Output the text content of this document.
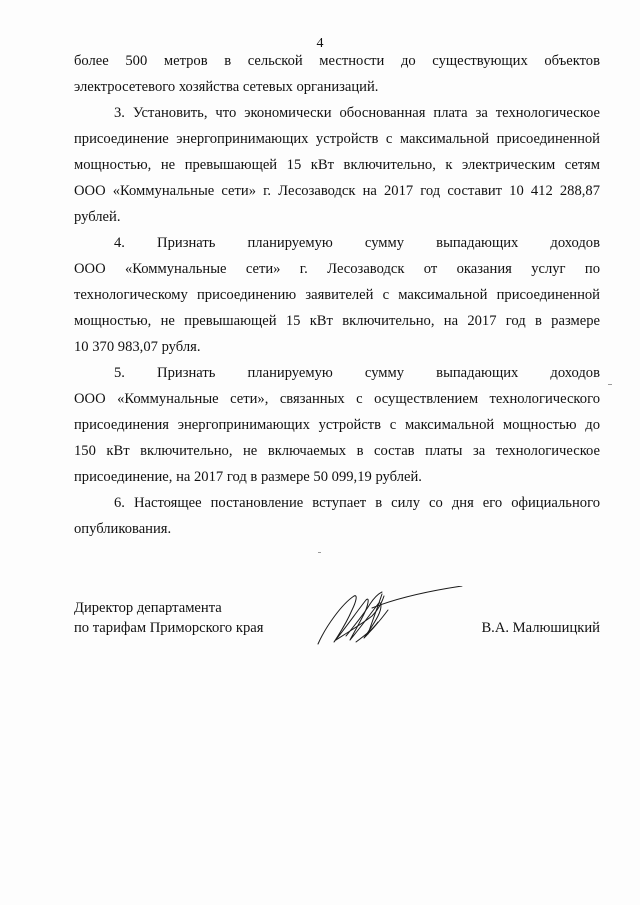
4

более 500 метров в сельской местности до существующих объектов

электросетевого хозяйства сетевых организаций.

3. Установить, что экономически обоснованная плата за технологическое

присоединение энергопринимающих устройств с максимальной присоединенной

мощностью, не превышающей 15 кВт включительно, к электрическим сетям

ООО «Коммунальные сети» г. Лесозаводск на 2017 год составит 10 412 288,87

рублей.

4. Признать планируемую сумму выпадающих доходов

ООО «Коммунальные сети» г. Лесозаводск от оказания услуг по

технологическому присоединению заявителей с максимальной присоединенной

мощностью, не превышающей 15 кВт включительно, на 2017 год в размере

10 370 983,07 рубля.

5. Признать планируемую сумму выпадающих доходов

ООО «Коммунальные сети», связанных с осуществлением технологического

присоединения энергопринимающих устройств с максимальной мощностью до

150 кВт включительно, не включаемых в состав платы за технологическое

присоединение, на 2017 год в размере 50 099,19 рублей.

6. Настоящее постановление вступает в силу со дня его официального

опубликования.

Директор департамента
по тарифам Приморского края	В.А. Малюшицкий
